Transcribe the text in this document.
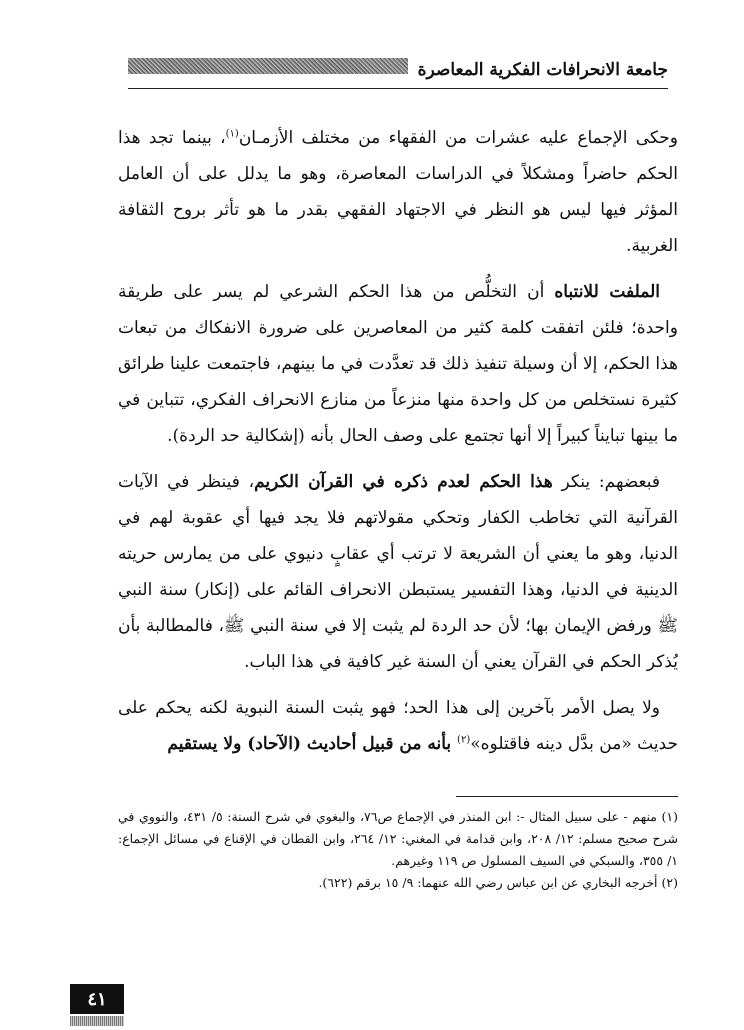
جامعة الانحرافات الفكرية المعاصرة

وحكى الإجماع عليه عشرات من الفقهاء من مختلف الأزمـان$^{(١)}$، بينما تجد هذا الحكم حاضراً ومشكلاً في الدراسات المعاصرة، وهو ما يدلل على أن العامل المؤثر فيها ليس هو النظر في الاجتهاد الفقهي بقدر ما هو تأثر بروح الثقافة الغربية.

الملفت للانتباه أن التخلُّص من هذا الحكم الشرعي لم يسر على طريقة واحدة؛ فلئن اتفقت كلمة كثير من المعاصرين على ضرورة الانفكاك من تبعات هذا الحكم، إلا أن وسيلة تنفيذ ذلك قد تعدَّدت في ما بينهم، فاجتمعت علينا طرائق كثيرة نستخلص من كل واحدة منها منزعاً من منازع الانحراف الفكري، تتباين في ما بينها تبايناً كبيراً إلا أنها تجتمع على وصف الحال بأنه (إشكالية حد الردة).

فبعضهم: ينكر هذا الحكم لعدم ذكره في القرآن الكريم، فينظر في الآيات القرآنية التي تخاطب الكفار وتحكي مقولاتهم فلا يجد فيها أي عقوبة لهم في الدنيا، وهو ما يعني أن الشريعة لا ترتب أي عقابٍ دنيوي على من يمارس حريته الدينية في الدنيا، وهذا التفسير يستبطن الانحراف القائم على (إنكار) سنة النبي ﷺ ورفض الإيمان بها؛ لأن حد الردة لم يثبت إلا في سنة النبي ﷺ، فالمطالبة بأن يُذكر الحكم في القرآن يعني أن السنة غير كافية في هذا الباب.

ولا يصل الأمر بآخرين إلى هذا الحد؛ فهو يثبت السنة النبوية لكنه يحكم على حديث «من بدَّل دينه فاقتلوه»$^{(٢)}$ بأنه من قبيل أحاديث (الآحاد) ولا يستقيم

(١) منهم - على سبيل المثال -: ابن المنذر في الإجماع ص٧٦، والبغوي في شرح السنة: ٥/ ٤٣١، والنووي في شرح صحيح مسلم: ١٢/ ٢٠٨، وابن قدامة في المغني: ١٢/ ٢٦٤، وابن القطان في الإقناع في مسائل الإجماع: ١/ ٣٥٥، والسبكي في السيف المسلول ص ١١٩ وغيرهم.

(٢) أخرجه البخاري عن ابن عباس رضي الله عنهما: ٩/ ١٥ برقم (٦٢٢).

٤١
